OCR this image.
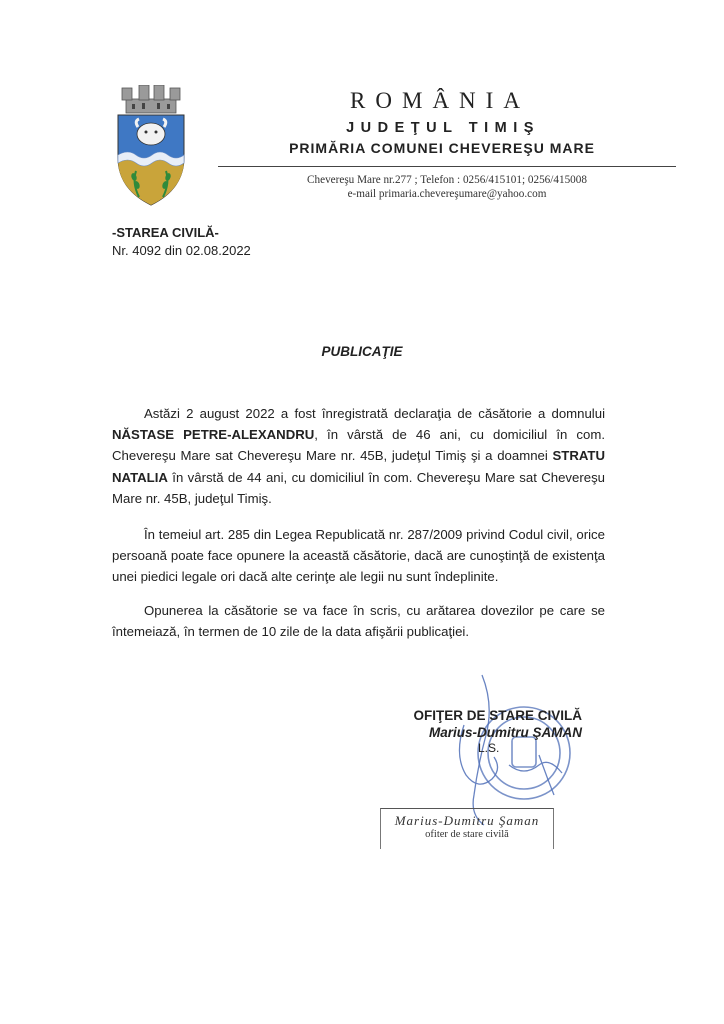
ROMÂNIA
JUDEŢUL TIMIŞ
PRIMĂRIA COMUNEI CHEVEREŞU MARE
Chevereşu Mare nr.277 ; Telefon : 0256/415101; 0256/415008
e-mail primaria.chevereşumare@yahoo.com
-STAREA CIVILĂ-
Nr. 4092 din 02.08.2022
PUBLICAŢIE
Astăzi 2 august 2022 a fost înregistrată declaraţia de căsătorie a domnului NĂSTASE PETRE-ALEXANDRU, în vârstă de 46 ani, cu domiciliul în com. Chevereşu Mare sat Chevereşu Mare nr. 45B, judeţul Timiş şi a doamnei STRATU NATALIA în vârstă de 44 ani, cu domiciliul în com. Chevereşu Mare sat Chevereşu Mare nr. 45B, judeţul Timiş.
În temeiul art. 285 din Legea Republicată nr. 287/2009 privind Codul civil, orice persoană poate face opunere la această căsătorie, dacă are cunoştinţă de existenţa unei piedici legale ori dacă alte cerinţe ale legii nu sunt îndeplinite.
Opunerea la căsătorie se va face în scris, cu arătarea dovezilor pe care se întemeiază, în termen de 10 zile de la data afişării publicaţiei.
OFIŢER DE STARE CIVILĂ
Marius-Dumitru ŞAMAN
L.S.
Marius-Dumitru Şaman
ofiter de stare civilă
